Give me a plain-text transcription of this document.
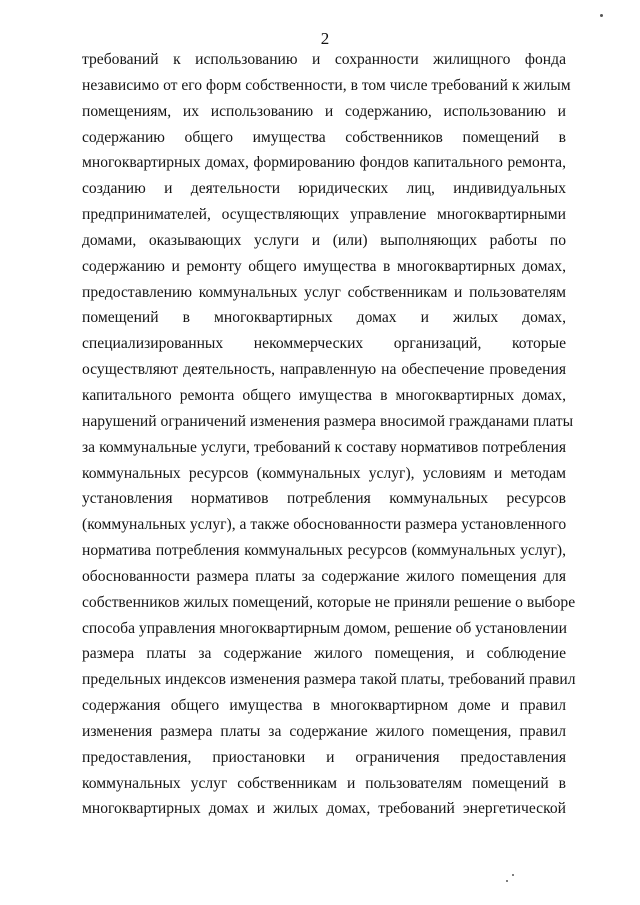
2
требований к использованию и сохранности жилищного фонда
независимо от его форм собственности, в том числе требований к жилым
помещениям, их использованию и содержанию, использованию и
содержанию общего имущества собственников помещений в
многоквартирных домах, формированию фондов капитального ремонта,
созданию и деятельности юридических лиц, индивидуальных
предпринимателей, осуществляющих управление многоквартирными
домами, оказывающих услуги и (или) выполняющих работы по
содержанию и ремонту общего имущества в многоквартирных домах,
предоставлению коммунальных услуг собственникам и пользователям
помещений в многоквартирных домах и жилых домах,
специализированных некоммерческих организаций, которые
осуществляют деятельность, направленную на обеспечение проведения
капитального ремонта общего имущества в многоквартирных домах,
нарушений ограничений изменения размера вносимой гражданами платы
за коммунальные услуги, требований к составу нормативов потребления
коммунальных ресурсов (коммунальных услуг), условиям и методам
установления нормативов потребления коммунальных ресурсов
(коммунальных услуг), а также обоснованности размера установленного
норматива потребления коммунальных ресурсов (коммунальных услуг),
обоснованности размера платы за содержание жилого помещения для
собственников жилых помещений, которые не приняли решение о выборе
способа управления многоквартирным домом, решение об установлении
размера платы за содержание жилого помещения, и соблюдение
предельных индексов изменения размера такой платы, требований правил
содержания общего имущества в многоквартирном доме и правил
изменения размера платы за содержание жилого помещения, правил
предоставления, приостановки и ограничения предоставления
коммунальных услуг собственникам и пользователям помещений в
многоквартирных домах и жилых домах, требований энергетической
